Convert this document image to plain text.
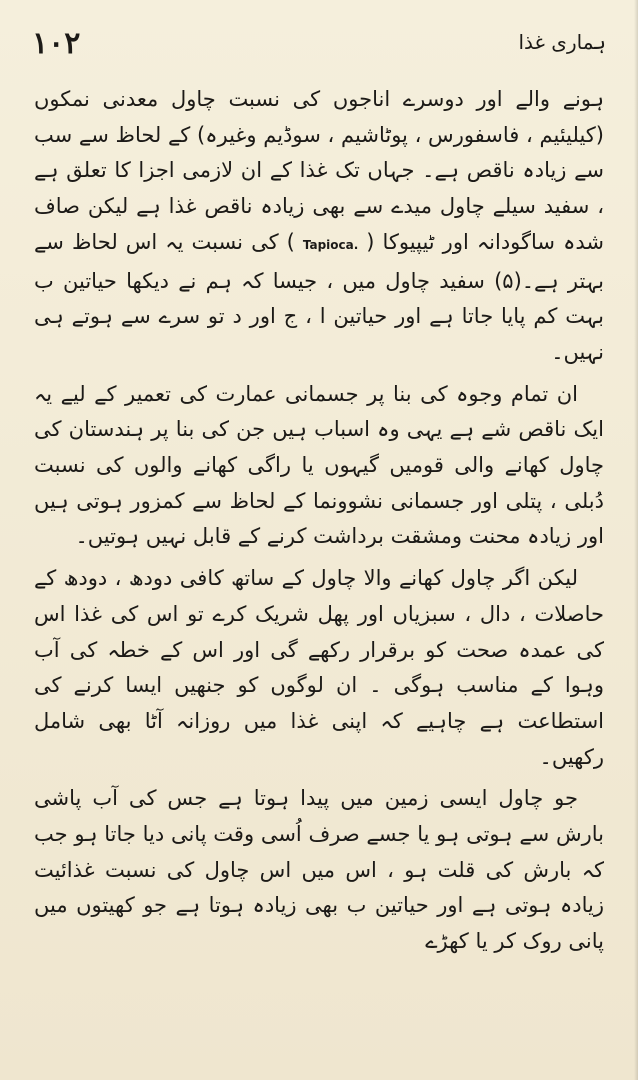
۱۰۲	ہماری غذا

ہونے والے اور دوسرے اناجوں کی نسبت چاول معدنی نمکوں (کیلیئیم ، فاسفورس ، پوٹاشیم ، سوڈیم وغیرہ) کے لحاظ سے سب سے زیادہ ناقص ہے۔ جہاں تک غذا کے ان لازمی اجزا کا تعلق ہے ، سفید سیلے چاول میدے سے بھی زیادہ ناقص غذا ہے لیکن صاف شدہ ساگودانہ اور ٹیپیوکا (Tapioca.) کی نسبت یہ اس لحاظ سے بہتر ہے۔(۵) سفید چاول میں ، جیسا کہ ہم نے دیکھا حیاتین ب بہت کم پایا جاتا ہے اور حیاتین ا ، ج اور د تو سرے سے ہوتے ہی نہیں۔

ان تمام وجوہ کی بنا پر جسمانی عمارت کی تعمیر کے لیے یہ ایک ناقص شے ہے یہی وہ اسباب ہیں جن کی بنا پر ہندستان کی چاول کھانے والی قومیں گیہوں یا راگی کھانے والوں کی نسبت دُبلی ، پتلی اور جسمانی نشوونما کے لحاظ سے کمزور ہوتی ہیں اور زیادہ محنت ومشقت برداشت کرنے کے قابل نہیں ہوتیں۔

لیکن اگر چاول کھانے والا چاول کے ساتھ کافی دودھ ، دودھ کے حاصلات ، دال ، سبزیاں اور پھل شریک کرے تو اس کی غذا اس کی عمدہ صحت کو برقرار رکھے گی اور اس کے خطہ کی آب وہوا کے مناسب ہوگی ۔ ان لوگوں کو جنھیں ایسا کرنے کی استطاعت ہے چاہیے کہ اپنی غذا میں روزانہ آٹا بھی شامل رکھیں۔

جو چاول ایسی زمین میں پیدا ہوتا ہے جس کی آب پاشی بارش سے ہوتی ہو یا جسے صرف اُسی وقت پانی دیا جاتا ہو جب کہ بارش کی قلت ہو ، اس میں اس چاول کی نسبت غذائیت زیادہ ہوتی ہے اور حیاتین ب بھی زیادہ ہوتا ہے جو کھیتوں میں پانی روک کر یا کھڑے
